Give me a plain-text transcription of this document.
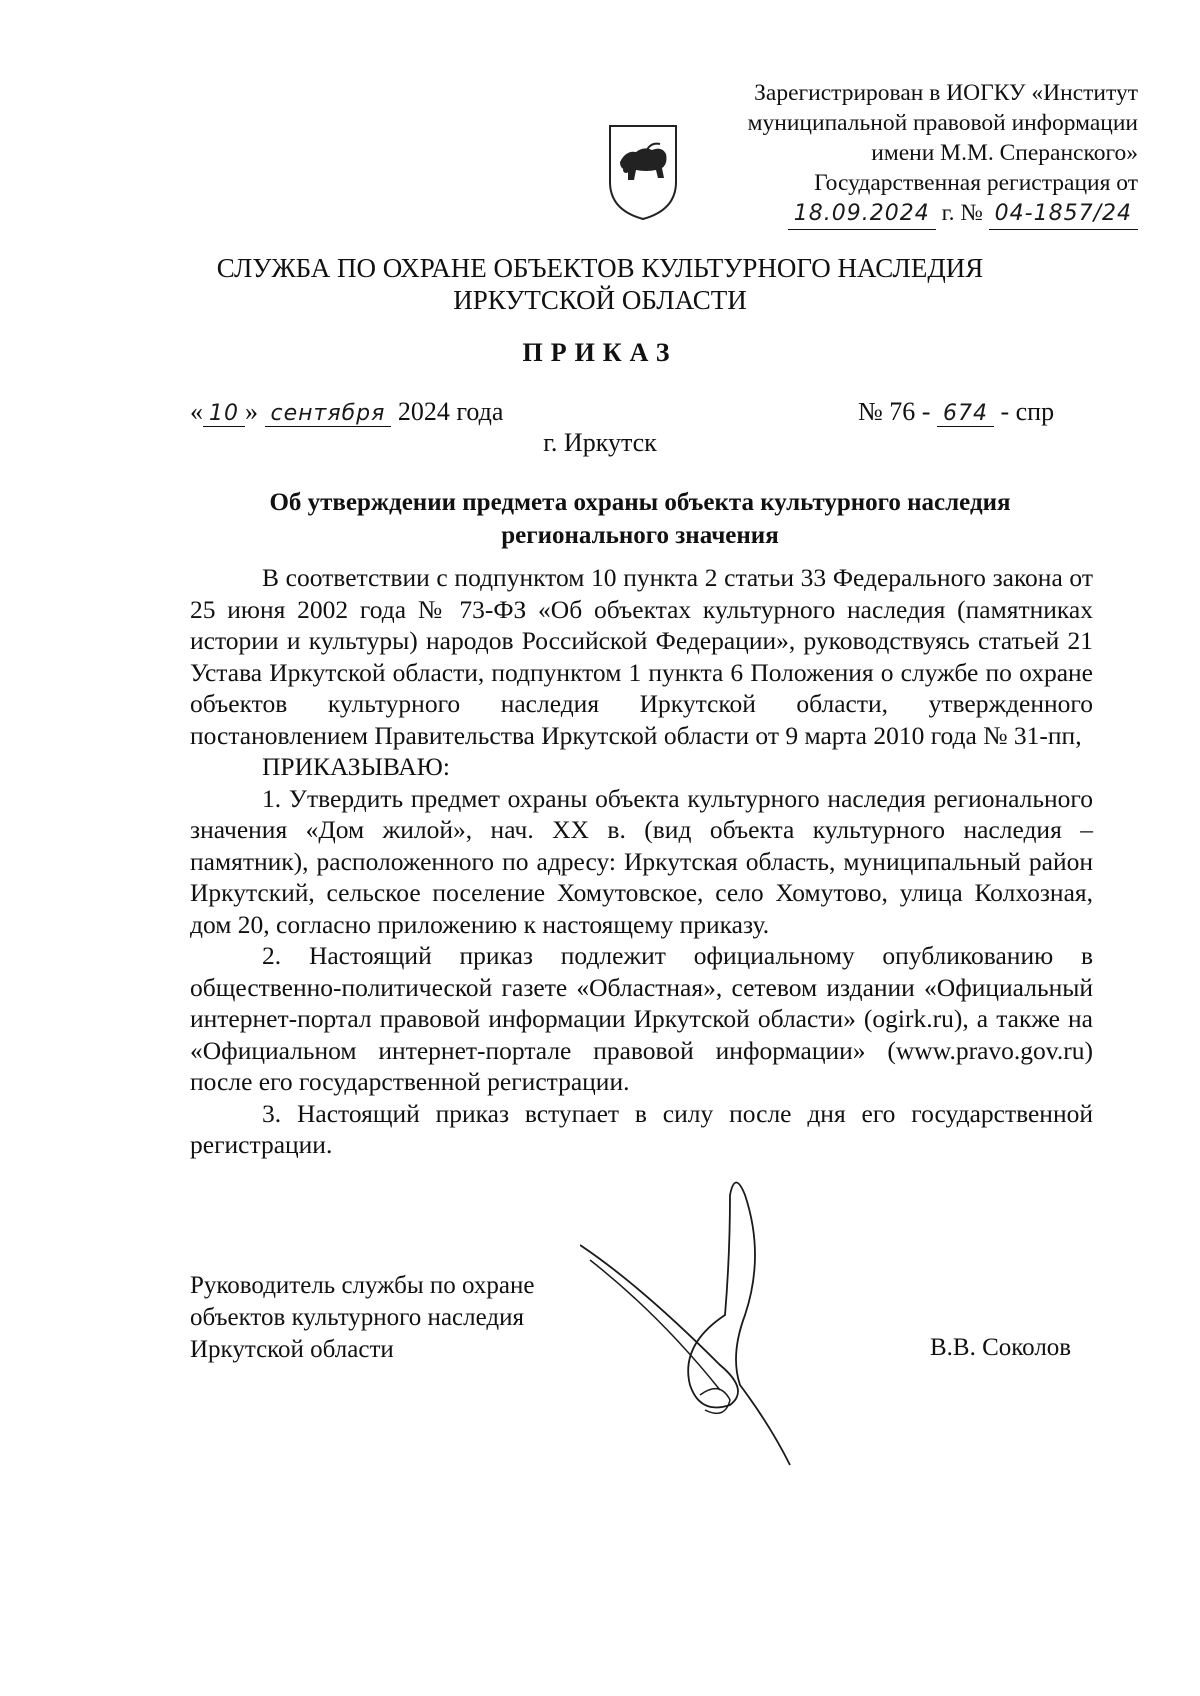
Зарегистрирован в ИОГКУ «Институт
муниципальной правовой информации
имени М.М. Сперанского»
Государственная регистрация от
18.09.2024 г. № 04-1857/24
СЛУЖБА ПО ОХРАНЕ ОБЪЕКТОВ КУЛЬТУРНОГО НАСЛЕДИЯ
ИРКУТСКОЙ ОБЛАСТИ
ПРИКАЗ
« 10 » сентября 2024 года	№ 76 - 674 - спр
г. Иркутск
Об утверждении предмета охраны объекта культурного наследия
регионального значения

В соответствии с подпунктом 10 пункта 2 статьи 33 Федерального закона от 25 июня 2002 года № 73-ФЗ «Об объектах культурного наследия (памятниках истории и культуры) народов Российской Федерации», руководствуясь статьей 21 Устава Иркутской области, подпунктом 1 пункта 6 Положения о службе по охране объектов культурного наследия Иркутской области, утвержденного постановлением Правительства Иркутской области от 9 марта 2010 года № 31-пп,

ПРИКАЗЫВАЮ:

1. Утвердить предмет охраны объекта культурного наследия регионального значения «Дом жилой», нач. XX в. (вид объекта культурного наследия – памятник), расположенного по адресу: Иркутская область, муниципальный район Иркутский, сельское поселение Хомутовское, село Хомутово, улица Колхозная, дом 20, согласно приложению к настоящему приказу.

2. Настоящий приказ подлежит официальному опубликованию в общественно-политической газете «Областная», сетевом издании «Официальный интернет-портал правовой информации Иркутской области» (ogirk.ru), а также на «Официальном интернет-портале правовой информации» (www.pravo.gov.ru) после его государственной регистрации.

3. Настоящий приказ вступает в силу после дня его государственной регистрации.

Руководитель службы по охране
объектов культурного наследия
Иркутской области	В.В. Соколов
